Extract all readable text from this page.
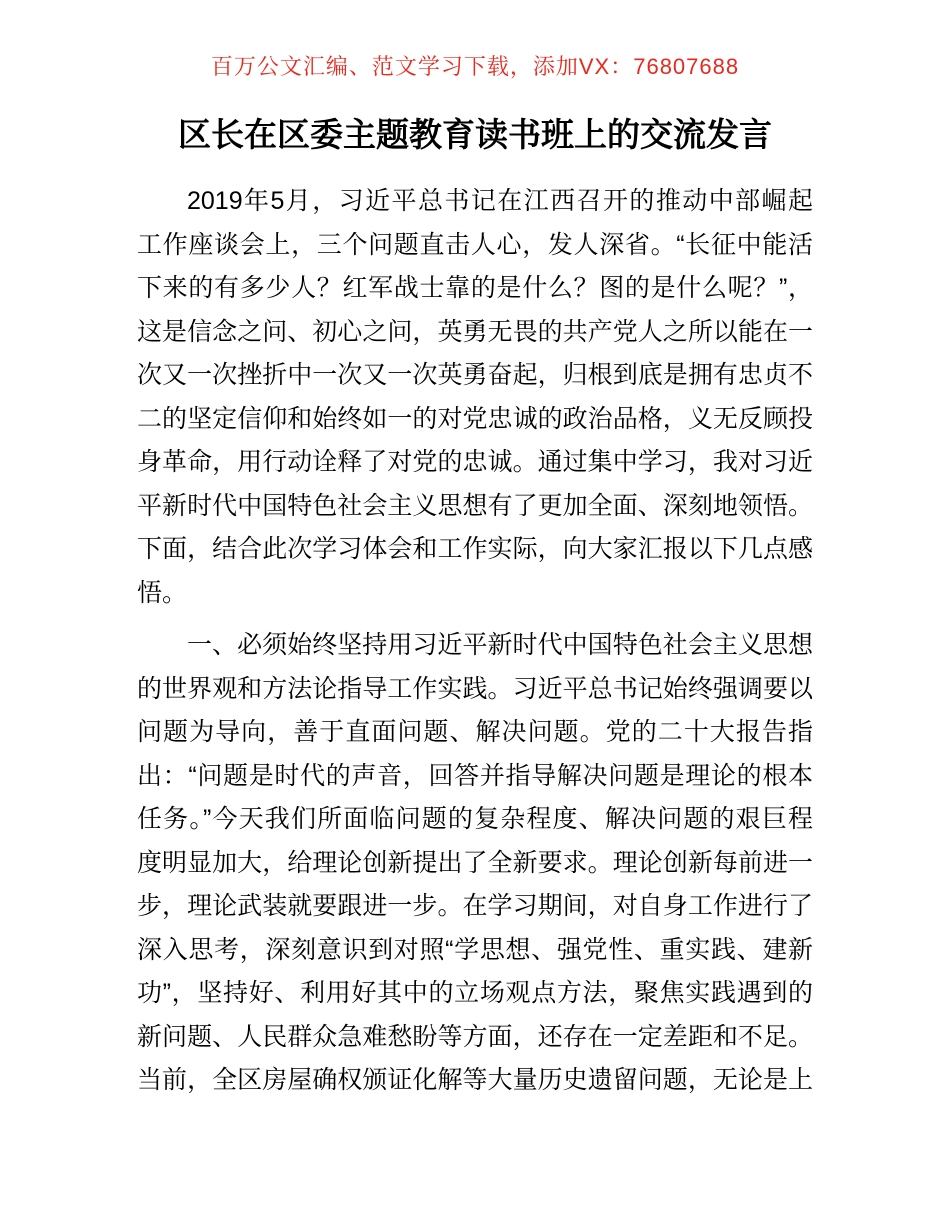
百万公文汇编、范文学习下载，添加VX：76807688
区长在区委主题教育读书班上的交流发言
2019年5月，习近平总书记在江西召开的推动中部崛起
工作座谈会上，三个问题直击人心，发人深省。“长征中能活
下来的有多少人？红军战士靠的是什么？图的是什么呢？”，
这是信念之问、初心之问，英勇无畏的共产党人之所以能在一
次又一次挫折中一次又一次英勇奋起，归根到底是拥有忠贞不
二的坚定信仰和始终如一的对党忠诚的政治品格，义无反顾投
身革命，用行动诠释了对党的忠诚。通过集中学习，我对习近
平新时代中国特色社会主义思想有了更加全面、深刻地领悟。
下面，结合此次学习体会和工作实际，向大家汇报以下几点感
悟。
一、必须始终坚持用习近平新时代中国特色社会主义思想
的世界观和方法论指导工作实践。习近平总书记始终强调要以
问题为导向，善于直面问题、解决问题。党的二十大报告指
出：“问题是时代的声音，回答并指导解决问题是理论的根本
任务。”今天我们所面临问题的复杂程度、解决问题的艰巨程
度明显加大，给理论创新提出了全新要求。理论创新每前进一
步，理论武装就要跟进一步。在学习期间，对自身工作进行了
深入思考，深刻意识到对照“学思想、强党性、重实践、建新
功”，坚持好、利用好其中的立场观点方法，聚焦实践遇到的
新问题、人民群众急难愁盼等方面，还存在一定差距和不足。
当前，全区房屋确权颁证化解等大量历史遗留问题，无论是上
